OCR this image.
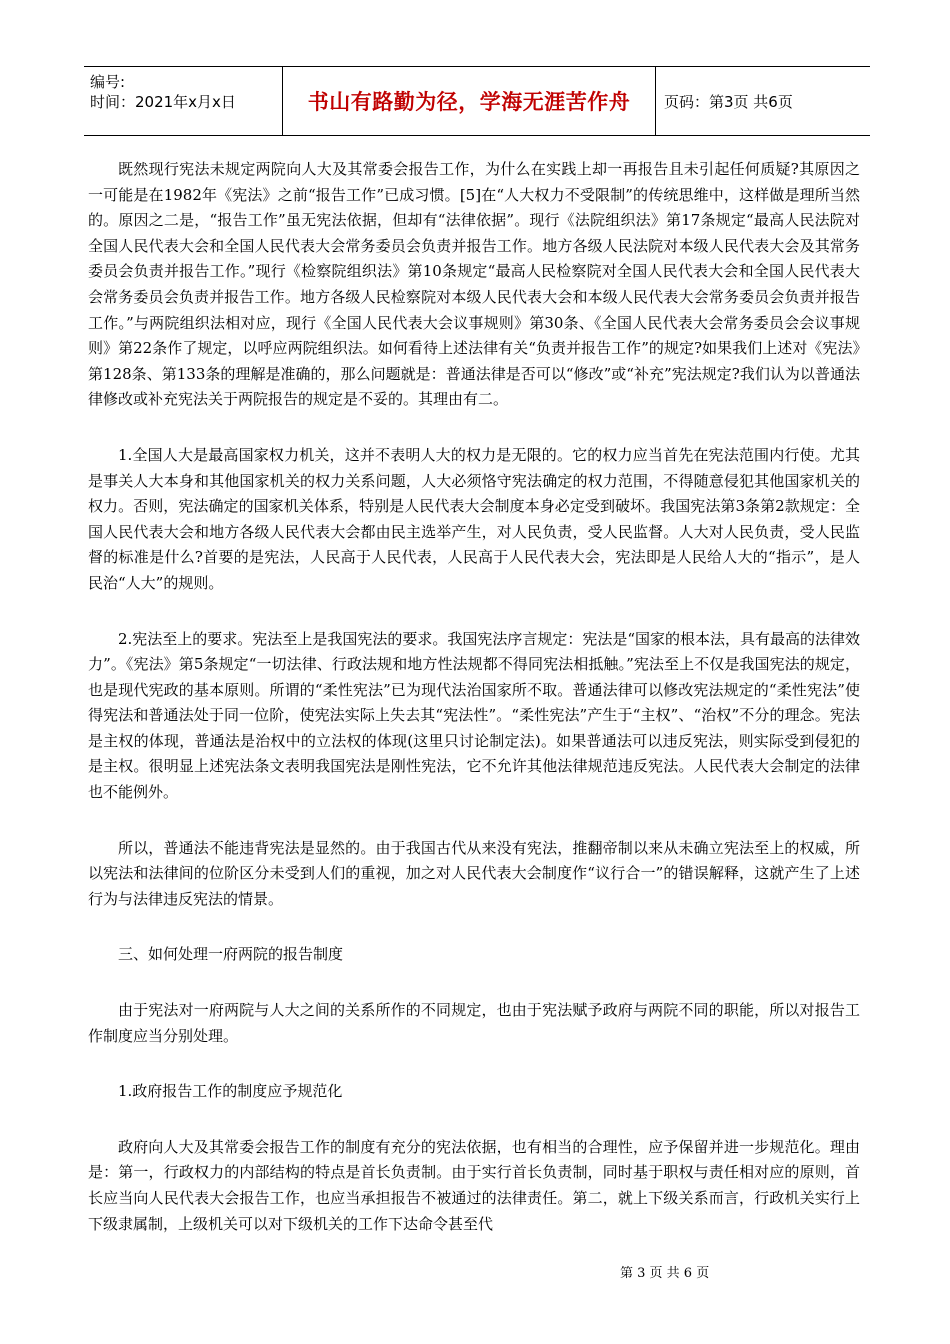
编号:
时间：2021年x月x日	书山有路勤为径，学海无涯苦作舟	页码：第3页 共6页

既然现行宪法未规定两院向人大及其常委会报告工作，为什么在实践上却一再报告且未引起任何质疑?其原因之一可能是在1982年《宪法》之前“报告工作”已成习惯。[5]在“人大权力不受限制”的传统思维中，这样做是理所当然的。原因之二是，“报告工作”虽无宪法依据，但却有“法律依据”。现行《法院组织法》第17条规定“最高人民法院对全国人民代表大会和全国人民代表大会常务委员会负责并报告工作。地方各级人民法院对本级人民代表大会及其常务委员会负责并报告工作。”现行《检察院组织法》第10条规定“最高人民检察院对全国人民代表大会和全国人民代表大会常务委员会负责并报告工作。地方各级人民检察院对本级人民代表大会和本级人民代表大会常务委员会负责并报告工作。”与两院组织法相对应，现行《全国人民代表大会议事规则》第30条、《全国人民代表大会常务委员会会议事规则》第22条作了规定，以呼应两院组织法。如何看待上述法律有关“负责并报告工作”的规定?如果我们上述对《宪法》第128条、第133条的理解是准确的，那么问题就是：普通法律是否可以“修改”或“补充”宪法规定?我们认为以普通法律修改或补充宪法关于两院报告的规定是不妥的。其理由有二。

1.全国人大是最高国家权力机关，这并不表明人大的权力是无限的。它的权力应当首先在宪法范围内行使。尤其是事关人大本身和其他国家机关的权力关系问题，人大必须恪守宪法确定的权力范围，不得随意侵犯其他国家机关的权力。否则，宪法确定的国家机关体系，特别是人民代表大会制度本身必定受到破坏。我国宪法第3条第2款规定：全国人民代表大会和地方各级人民代表大会都由民主选举产生，对人民负责，受人民监督。人大对人民负责，受人民监督的标准是什么?首要的是宪法，人民高于人民代表，人民高于人民代表大会，宪法即是人民给人大的“指示”，是人民治“人大”的规则。

2.宪法至上的要求。宪法至上是我国宪法的要求。我国宪法序言规定：宪法是“国家的根本法，具有最高的法律效力”。《宪法》第5条规定“一切法律、行政法规和地方性法规都不得同宪法相抵触。”宪法至上不仅是我国宪法的规定，也是现代宪政的基本原则。所谓的“柔性宪法”已为现代法治国家所不取。普通法律可以修改宪法规定的“柔性宪法”使得宪法和普通法处于同一位阶，使宪法实际上失去其“宪法性”。“柔性宪法”产生于“主权”、“治权”不分的理念。宪法是主权的体现，普通法是治权中的立法权的体现(这里只讨论制定法)。如果普通法可以违反宪法，则实际受到侵犯的是主权。很明显上述宪法条文表明我国宪法是刚性宪法，它不允许其他法律规范违反宪法。人民代表大会制定的法律也不能例外。

所以，普通法不能违背宪法是显然的。由于我国古代从来没有宪法，推翻帝制以来从未确立宪法至上的权威，所以宪法和法律间的位阶区分未受到人们的重视，加之对人民代表大会制度作“议行合一”的错误解释，这就产生了上述行为与法律违反宪法的情景。

三、如何处理一府两院的报告制度

由于宪法对一府两院与人大之间的关系所作的不同规定，也由于宪法赋予政府与两院不同的职能，所以对报告工作制度应当分别处理。

1.政府报告工作的制度应予规范化

政府向人大及其常委会报告工作的制度有充分的宪法依据，也有相当的合理性，应予保留并进一步规范化。理由是：第一，行政权力的内部结构的特点是首长负责制。由于实行首长负责制，同时基于职权与责任相对应的原则，首长应当向人民代表大会报告工作，也应当承担报告不被通过的法律责任。第二，就上下级关系而言，行政机关实行上下级隶属制，上级机关可以对下级机关的工作下达命令甚至代

第 3 页 共 6 页
